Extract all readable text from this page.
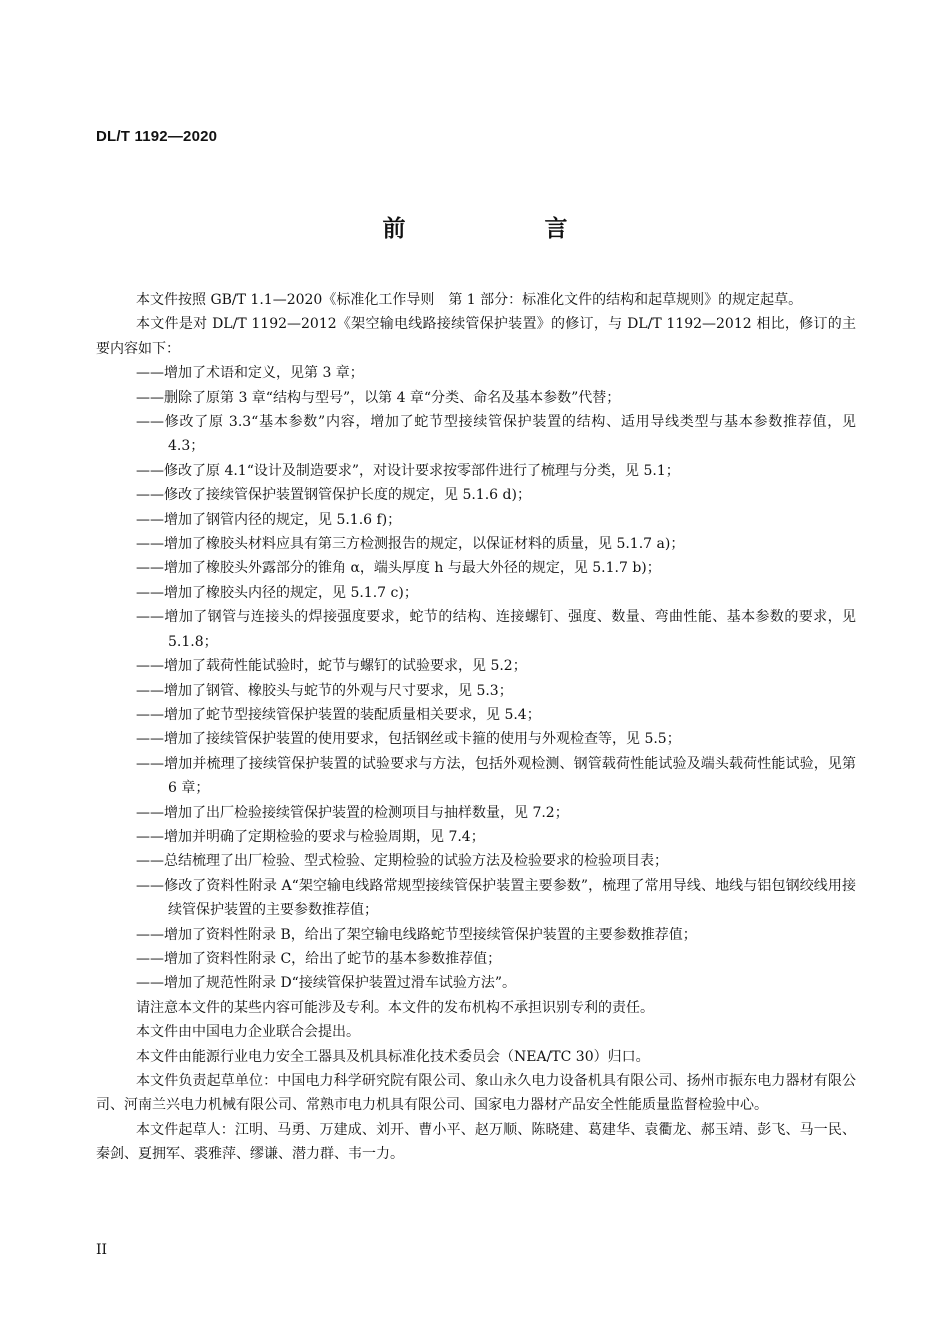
DL/T 1192—2020
前　言

本文件按照 GB/T 1.1—2020《标准化工作导则　第 1 部分：标准化文件的结构和起草规则》的规定起草。

本文件是对 DL/T 1192—2012《架空输电线路接续管保护装置》的修订，与 DL/T 1192—2012 相比，修订的主要内容如下：

——增加了术语和定义，见第 3 章；
——删除了原第 3 章“结构与型号”，以第 4 章“分类、命名及基本参数”代替；
——修改了原 3.3“基本参数”内容，增加了蛇节型接续管保护装置的结构、适用导线类型与基本参数推荐值，见 4.3；
——修改了原 4.1“设计及制造要求”，对设计要求按零部件进行了梳理与分类，见 5.1；
——修改了接续管保护装置钢管保护长度的规定，见 5.1.6 d)；
——增加了钢管内径的规定，见 5.1.6 f)；
——增加了橡胶头材料应具有第三方检测报告的规定，以保证材料的质量，见 5.1.7 a)；
——增加了橡胶头外露部分的锥角 α，端头厚度 h 与最大外径的规定，见 5.1.7 b)；
——增加了橡胶头内径的规定，见 5.1.7 c)；
——增加了钢管与连接头的焊接强度要求，蛇节的结构、连接螺钉、强度、数量、弯曲性能、基本参数的要求，见 5.1.8；
——增加了载荷性能试验时，蛇节与螺钉的试验要求，见 5.2；
——增加了钢管、橡胶头与蛇节的外观与尺寸要求，见 5.3；
——增加了蛇节型接续管保护装置的装配质量相关要求，见 5.4；
——增加了接续管保护装置的使用要求，包括钢丝或卡箍的使用与外观检查等，见 5.5；
——增加并梳理了接续管保护装置的试验要求与方法，包括外观检测、钢管载荷性能试验及端头载荷性能试验，见第 6 章；
——增加了出厂检验接续管保护装置的检测项目与抽样数量，见 7.2；
——增加并明确了定期检验的要求与检验周期，见 7.4；
——总结梳理了出厂检验、型式检验、定期检验的试验方法及检验要求的检验项目表；
——修改了资料性附录 A“架空输电线路常规型接续管保护装置主要参数”，梳理了常用导线、地线与铝包钢绞线用接续管保护装置的主要参数推荐值；
——增加了资料性附录 B，给出了架空输电线路蛇节型接续管保护装置的主要参数推荐值；
——增加了资料性附录 C，给出了蛇节的基本参数推荐值；
——增加了规范性附录 D“接续管保护装置过滑车试验方法”。

请注意本文件的某些内容可能涉及专利。本文件的发布机构不承担识别专利的责任。

本文件由中国电力企业联合会提出。

本文件由能源行业电力安全工器具及机具标准化技术委员会（NEA/TC 30）归口。

本文件负责起草单位：中国电力科学研究院有限公司、象山永久电力设备机具有限公司、扬州市振东电力器材有限公司、河南兰兴电力机械有限公司、常熟市电力机具有限公司、国家电力器材产品安全性能质量监督检验中心。

本文件起草人：江明、马勇、万建成、刘开、曹小平、赵万顺、陈晓建、葛建华、袁衢龙、郝玉靖、彭飞、马一民、秦剑、夏拥军、裘雅萍、缪谦、潜力群、韦一力。

II
